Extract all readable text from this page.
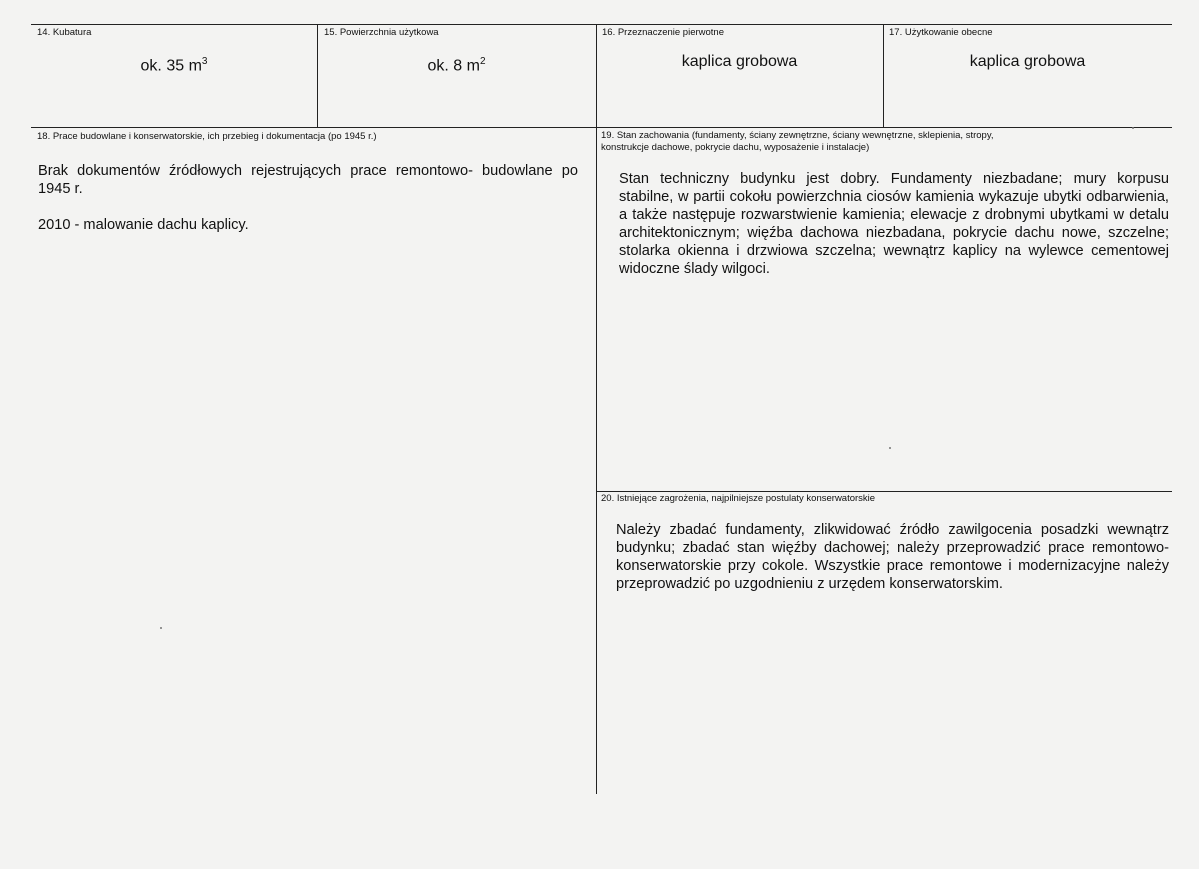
14. Kubatura
ok. 35 $m^3$
15. Powierzchnia użytkowa
ok. 8 $m^2$
16. Przeznaczenie pierwotne
kaplica grobowa
17. Użytkowanie obecne
kaplica grobowa
18. Prace budowlane i konserwatorskie, ich przebieg i dokumentacja (po 1945 r.)

Brak dokumentów źródłowych rejestrujących prace remontowo- budowlane po 1945 r.

2010 - malowanie dachu kaplicy.

19. Stan zachowania (fundamenty, ściany zewnętrzne, ściany wewnętrzne, sklepienia, stropy,
konstrukcje dachowe, pokrycie dachu, wyposażenie i instalacje)
Stan techniczny budynku jest dobry. Fundamenty niezbadane; mury korpusu stabilne, w partii cokołu powierzchnia ciosów kamienia wykazuje ubytki odbarwienia, a także następuje rozwarstwienie kamienia; elewacje z drobnymi ubytkami w detalu architektonicznym; więźba dachowa niezbadana, pokrycie dachu nowe, szczelne; stolarka okienna i drzwiowa szczelna; wewnątrz kaplicy na wylewce cementowej widoczne ślady wilgoci.
20. Istniejące zagrożenia, najpilniejsze postulaty konserwatorskie
Należy zbadać fundamenty, zlikwidować źródło zawilgocenia posadzki wewnątrz budynku; zbadać stan więźby dachowej; należy przeprowadzić prace remontowo- konserwatorskie przy cokole. Wszystkie prace remontowe i modernizacyjne należy przeprowadzić po uzgodnieniu z urzędem konserwatorskim.
